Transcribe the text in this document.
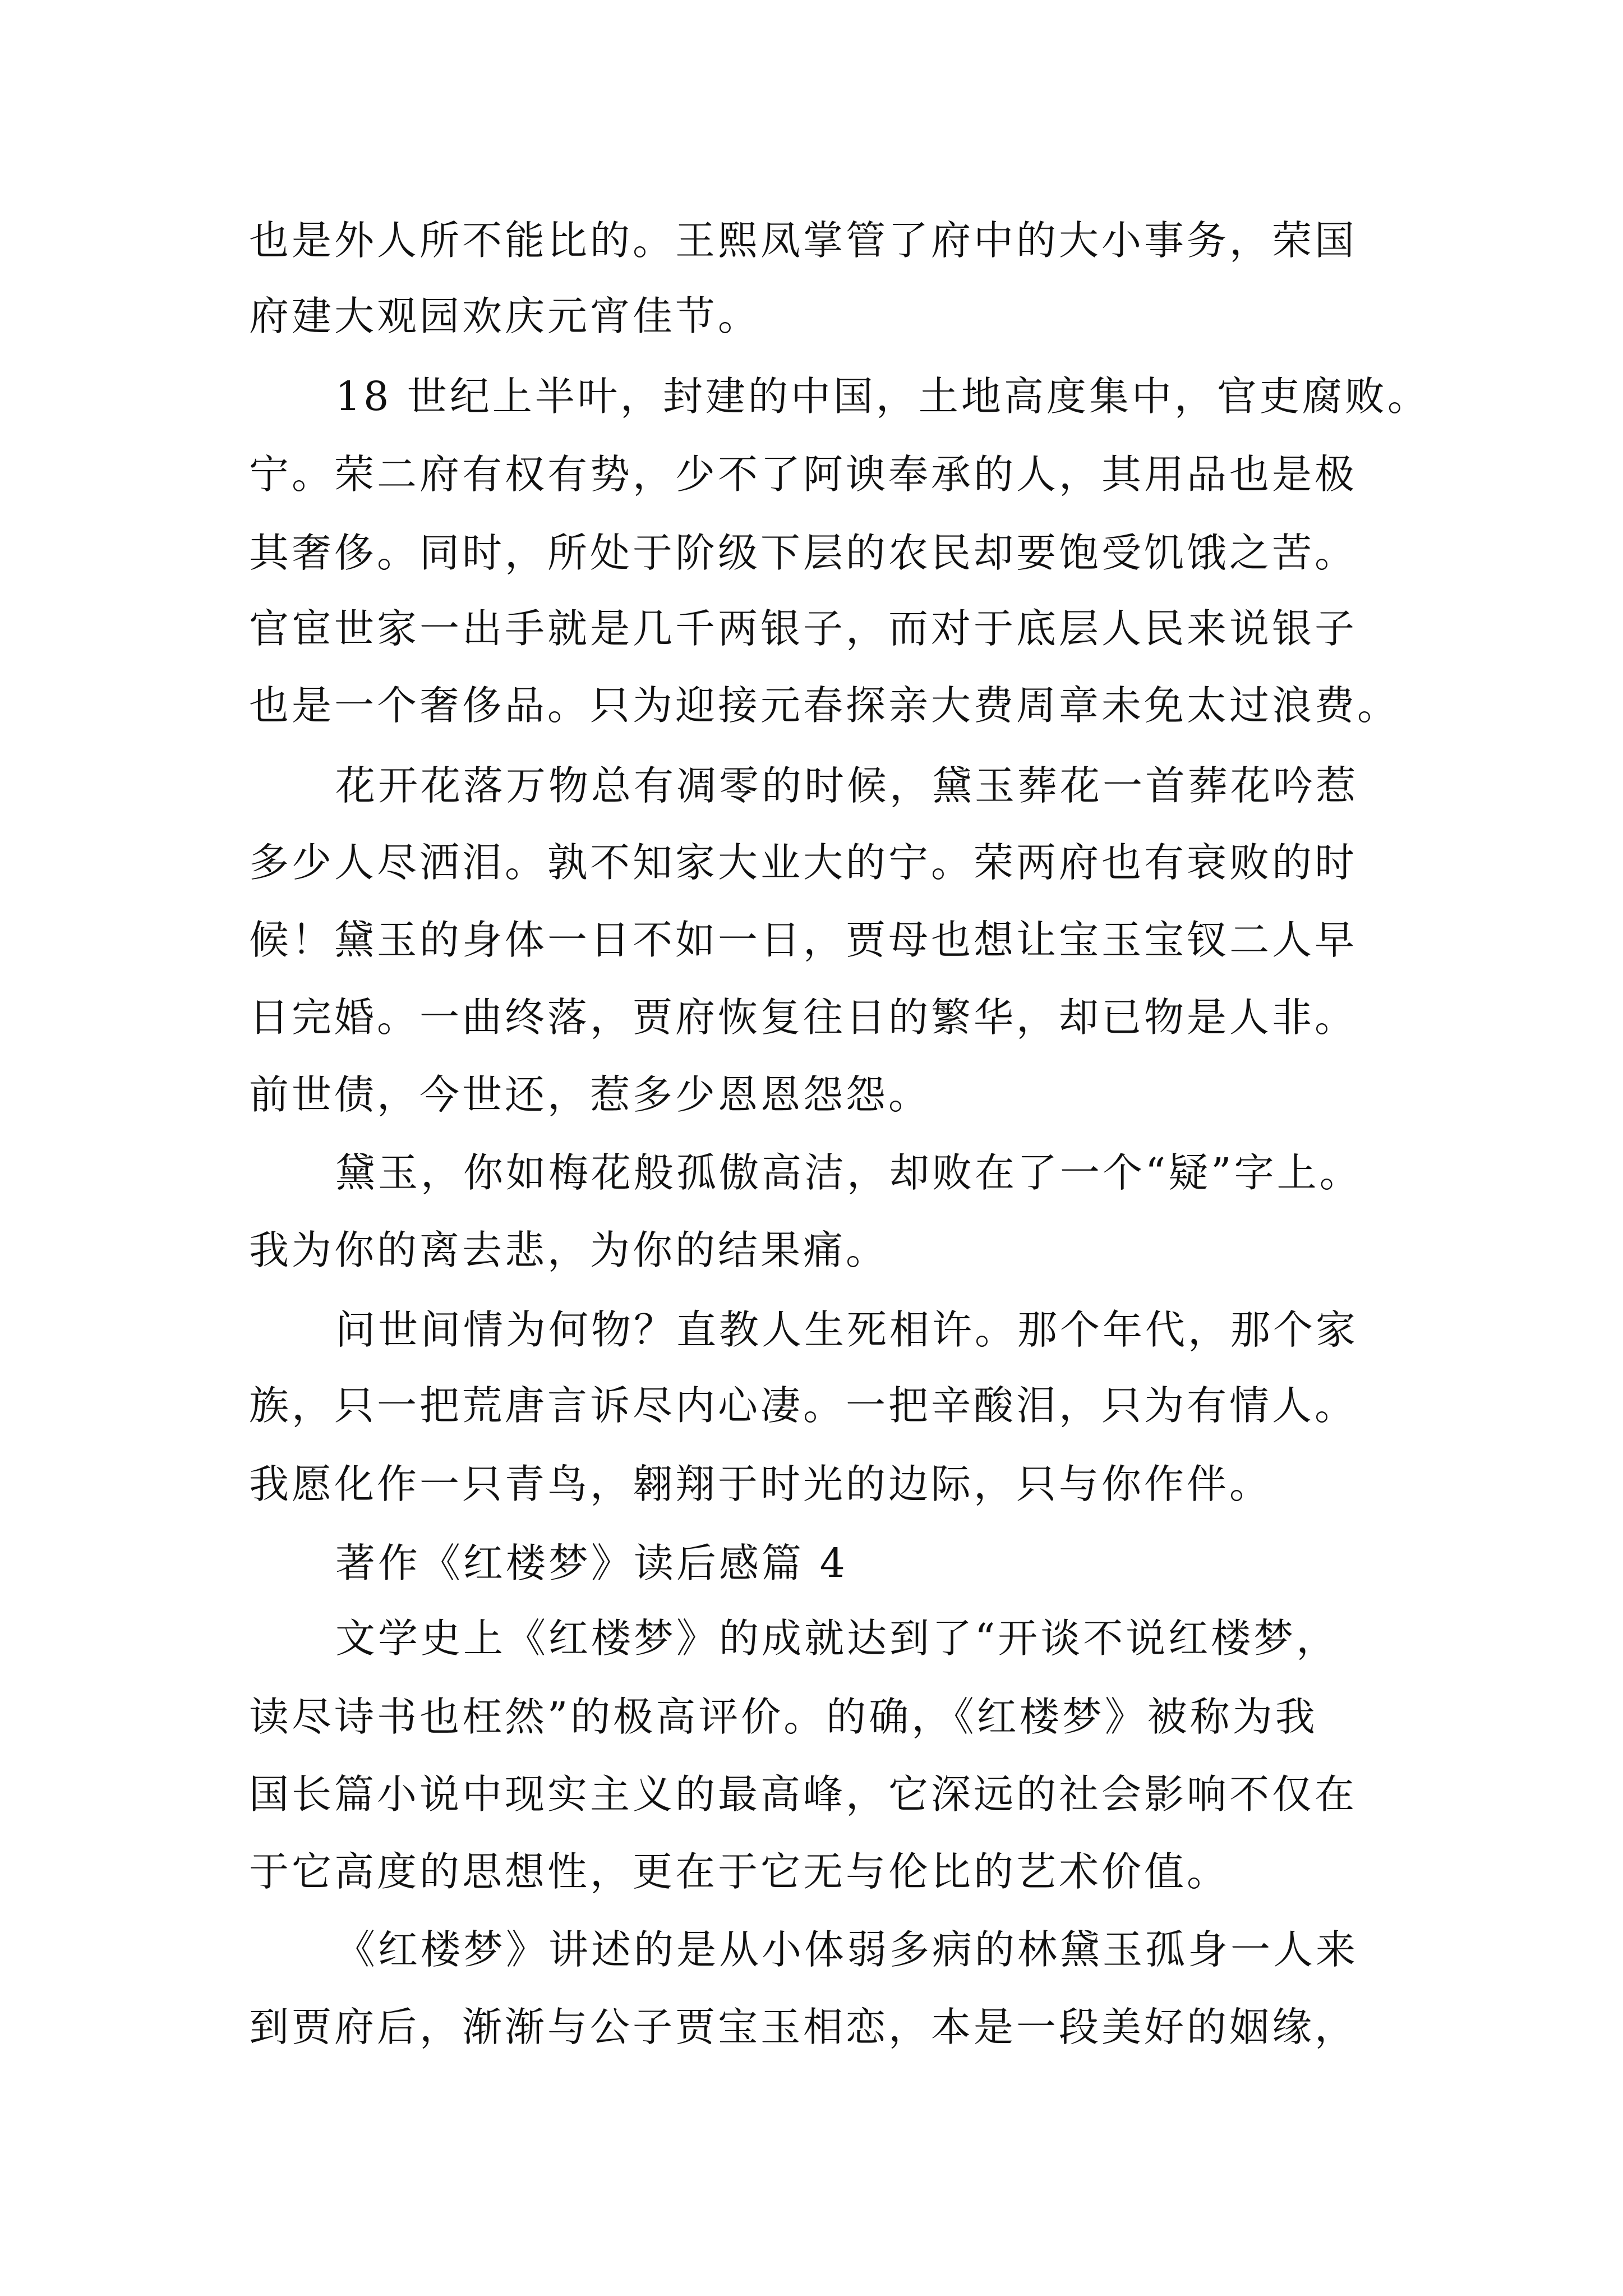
也是外人所不能比的。王熙凤掌管了府中的大小事务，荣国
府建大观园欢庆元宵佳节。
18 世纪上半叶，封建的中国，土地高度集中，官吏腐败。
宁。荣二府有权有势，少不了阿谀奉承的人，其用品也是极
其奢侈。同时，所处于阶级下层的农民却要饱受饥饿之苦。
官宦世家一出手就是几千两银子，而对于底层人民来说银子
也是一个奢侈品。只为迎接元春探亲大费周章未免太过浪费。
花开花落万物总有凋零的时候，黛玉葬花一首葬花吟惹
多少人尽洒泪。孰不知家大业大的宁。荣两府也有衰败的时
候！黛玉的身体一日不如一日，贾母也想让宝玉宝钗二人早
日完婚。一曲终落，贾府恢复往日的繁华，却已物是人非。
前世债，今世还，惹多少恩恩怨怨。
黛玉，你如梅花般孤傲高洁，却败在了一个“疑”字上。
我为你的离去悲，为你的结果痛。
问世间情为何物？直教人生死相许。那个年代，那个家
族，只一把荒唐言诉尽内心凄。一把辛酸泪，只为有情人。
我愿化作一只青鸟，翱翔于时光的边际，只与你作伴。
著作《红楼梦》读后感篇 4
文学史上《红楼梦》的成就达到了“开谈不说红楼梦，
读尽诗书也枉然”的极高评价。的确，《红楼梦》被称为我
国长篇小说中现实主义的最高峰，它深远的社会影响不仅在
于它高度的思想性，更在于它无与伦比的艺术价值。
《红楼梦》讲述的是从小体弱多病的林黛玉孤身一人来
到贾府后，渐渐与公子贾宝玉相恋，本是一段美好的姻缘，
